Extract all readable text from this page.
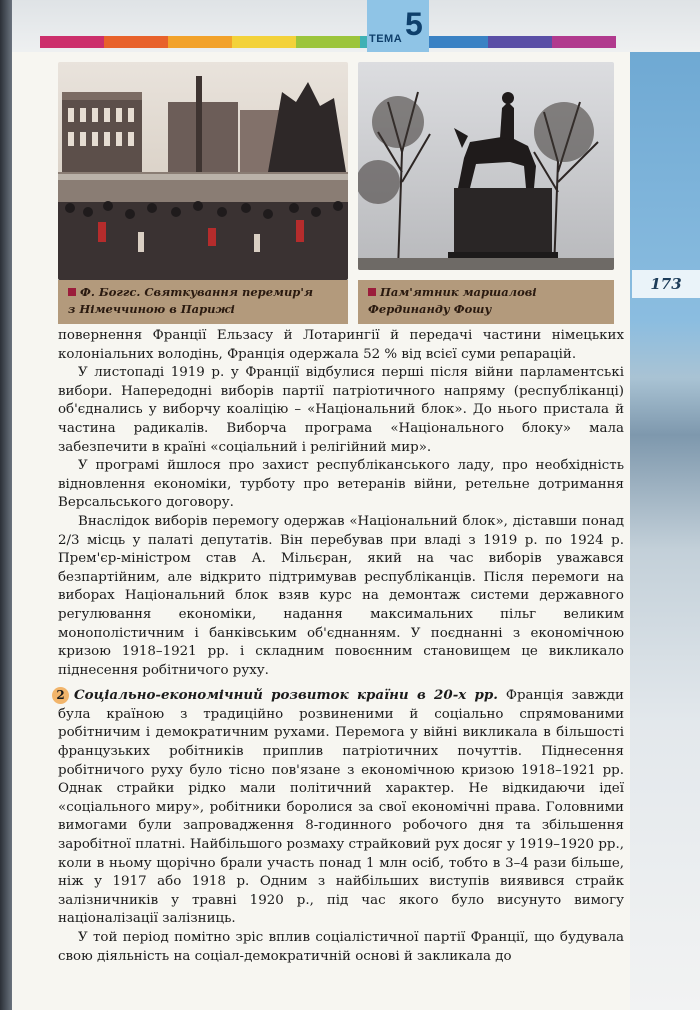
ТЕМА 5
173
Ф. Боггс. Святкування перемир'я
з Німеччиною в Парижі
Пам'ятник маршалові
Фердинанду Фошу

повернення Франції Ельзасу й Лотарингії й передачі частини німецьких колоніальних володінь, Франція одержала 52 % від всієї суми репарацій.

У листопаді 1919 р. у Франції відбулися перші після війни парламентські вибори. Напередодні виборів партії патріотичного напряму (республіканці) об'єднались у виборчу коаліцію – «Національний блок». До нього пристала й частина радикалів. Виборча програма «Національного блоку» мала забезпечити в країні «соціальний і релігійний мир».

У програмі йшлося про захист республіканського ладу, про необхідність відновлення економіки, турботу про ветеранів війни, ретельне дотримання Версальського договору.

Внаслідок виборів перемогу одержав «Національний блок», діставши понад 2/3 місць у палаті депутатів. Він перебував при владі з 1919 р. по 1924 р. Прем'єр-міністром став А. Мільєран, який на час виборів уважався безпартійним, але відкрито підтримував республіканців. Після перемоги на виборах Національний блок взяв курс на демонтаж системи державного регулювання економіки, надання максимальних пільг великим монополістичним і банківським об'єднанням. У поєднанні з економічною кризою 1918–1921 рр. і складним повоєнним становищем це викликало піднесення робітничого руху.

2 Соціально-економічний розвиток країни в 20-х рр. Франція завжди була країною з традиційно розвиненими й соціально спрямованими робітничим і демократичним рухами. Перемога у війні викликала в більшості французьких робітників приплив патріотичних почуттів. Піднесення робітничого руху було тісно пов'язане з економічною кризою 1918–1921 рр. Однак страйки рідко мали політичний характер. Не відкидаючи ідеї «соціального миру», робітники боролися за свої економічні права. Головними вимогами були запровадження 8-годинного робочого дня та збільшення заробітної платні. Найбільшого розмаху страйковий рух досяг у 1919–1920 рр., коли в ньому щорічно брали участь понад 1 млн осіб, тобто в 3–4 рази більше, ніж у 1917 або 1918 р. Одним з найбільших виступів виявився страйк залізничників у травні 1920 р., під час якого було висунуто вимогу націоналізації залізниць.

У той період помітно зріс вплив соціалістичної партії Франції, що будувала свою діяльність на соціал-демократичній основі й закликала до
